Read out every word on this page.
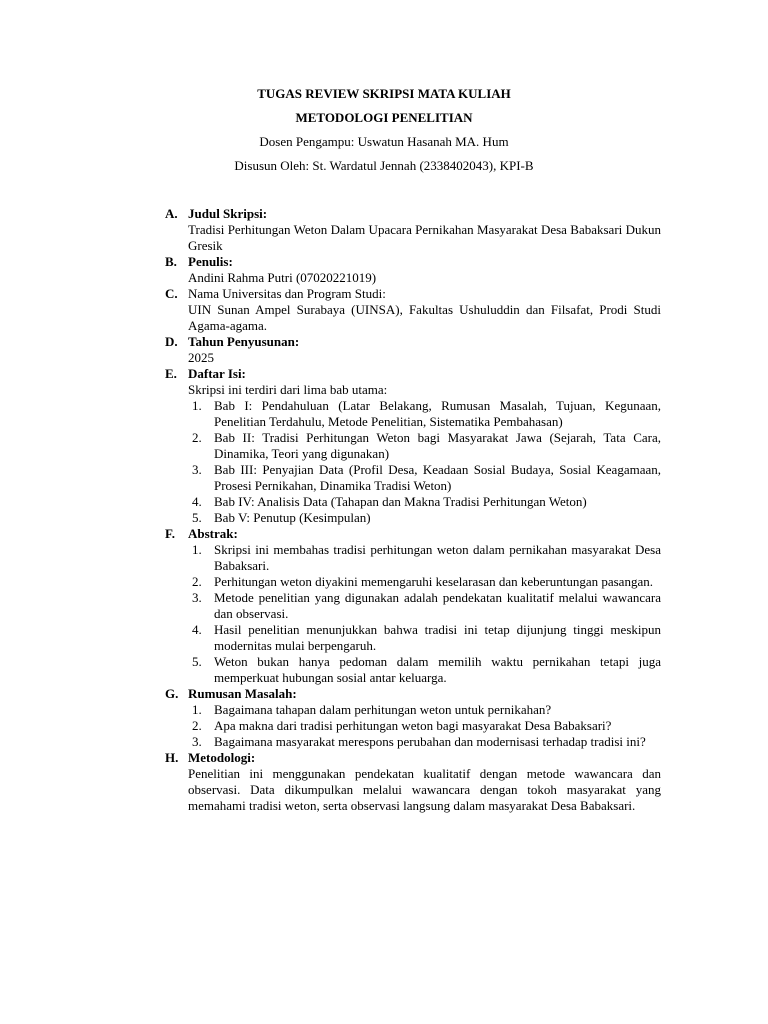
TUGAS REVIEW SKRIPSI MATA KULIAH
METODOLOGI PENELITIAN
Dosen Pengampu: Uswatun Hasanah MA. Hum
Disusun Oleh: St. Wardatul Jennah (2338402043), KPI-B
A. Judul Skripsi:
Tradisi Perhitungan Weton Dalam Upacara Pernikahan Masyarakat Desa Babaksari Dukun Gresik
B. Penulis:
Andini Rahma Putri (07020221019)
C. Nama Universitas dan Program Studi:
UIN Sunan Ampel Surabaya (UINSA), Fakultas Ushuluddin dan Filsafat, Prodi Studi Agama-agama.
D. Tahun Penyusunan:
2025
E. Daftar Isi:
Skripsi ini terdiri dari lima bab utama:
1. Bab I: Pendahuluan (Latar Belakang, Rumusan Masalah, Tujuan, Kegunaan, Penelitian Terdahulu, Metode Penelitian, Sistematika Pembahasan)
2. Bab II: Tradisi Perhitungan Weton bagi Masyarakat Jawa (Sejarah, Tata Cara, Dinamika, Teori yang digunakan)
3. Bab III: Penyajian Data (Profil Desa, Keadaan Sosial Budaya, Sosial Keagamaan, Prosesi Pernikahan, Dinamika Tradisi Weton)
4. Bab IV: Analisis Data (Tahapan dan Makna Tradisi Perhitungan Weton)
5. Bab V: Penutup (Kesimpulan)
F. Abstrak:
1. Skripsi ini membahas tradisi perhitungan weton dalam pernikahan masyarakat Desa Babaksari.
2. Perhitungan weton diyakini memengaruhi keselarasan dan keberuntungan pasangan.
3. Metode penelitian yang digunakan adalah pendekatan kualitatif melalui wawancara dan observasi.
4. Hasil penelitian menunjukkan bahwa tradisi ini tetap dijunjung tinggi meskipun modernitas mulai berpengaruh.
5. Weton bukan hanya pedoman dalam memilih waktu pernikahan tetapi juga memperkuat hubungan sosial antar keluarga.
G. Rumusan Masalah:
1. Bagaimana tahapan dalam perhitungan weton untuk pernikahan?
2. Apa makna dari tradisi perhitungan weton bagi masyarakat Desa Babaksari?
3. Bagaimana masyarakat merespons perubahan dan modernisasi terhadap tradisi ini?
H. Metodologi:
Penelitian ini menggunakan pendekatan kualitatif dengan metode wawancara dan observasi. Data dikumpulkan melalui wawancara dengan tokoh masyarakat yang memahami tradisi weton, serta observasi langsung dalam masyarakat Desa Babaksari.
